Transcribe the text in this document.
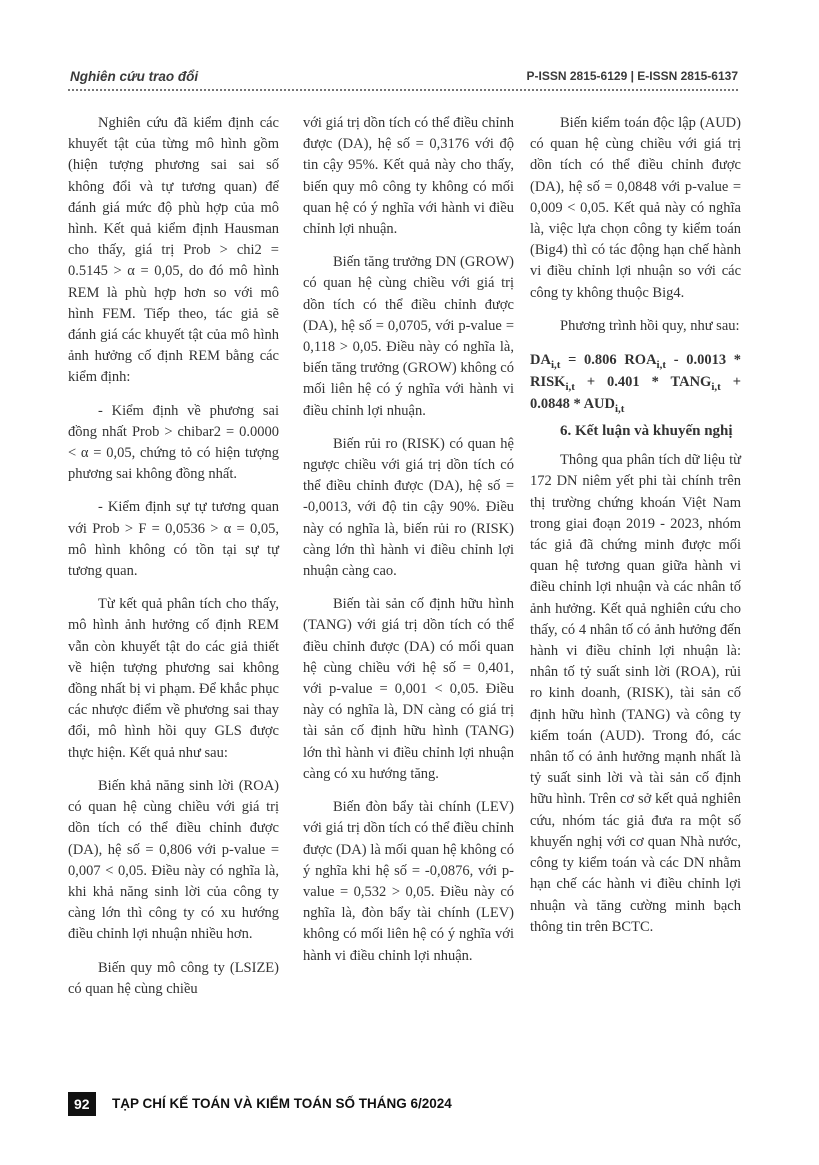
Nghiên cứu trao đổi	P-ISSN 2815-6129 | E-ISSN 2815-6137

Nghiên cứu đã kiểm định các khuyết tật của từng mô hình gồm (hiện tượng phương sai sai số không đổi và tự tương quan) để đánh giá mức độ phù hợp của mô hình. Kết quả kiểm định Hausman cho thấy, giá trị Prob > chi2 = 0.5145 > α = 0,05, do đó mô hình REM là phù hợp hơn so với mô hình FEM. Tiếp theo, tác giả sẽ đánh giá các khuyết tật của mô hình ảnh hưởng cố định REM bằng các kiểm định:

- Kiểm định về phương sai đồng nhất Prob > chibar2 = 0.0000 < α = 0,05, chứng tỏ có hiện tượng phương sai không đồng nhất.

- Kiểm định sự tự tương quan với Prob > F = 0,0536 > α = 0,05, mô hình không có tồn tại sự tự tương quan.

Từ kết quả phân tích cho thấy, mô hình ảnh hưởng cố định REM vẫn còn khuyết tật do các giả thiết về hiện tượng phương sai không đồng nhất bị vi phạm. Để khắc phục các nhược điểm về phương sai thay đổi, mô hình hồi quy GLS được thực hiện. Kết quả như sau:

Biến khả năng sinh lời (ROA) có quan hệ cùng chiều với giá trị dồn tích có thể điều chỉnh được (DA), hệ số = 0,806 với p-value = 0,007 < 0,05. Điều này có nghĩa là, khi khả năng sinh lời của công ty càng lớn thì công ty có xu hướng điều chỉnh lợi nhuận nhiều hơn.

Biến quy mô công ty (LSIZE) có quan hệ cùng chiều

với giá trị dồn tích có thể điều chỉnh được (DA), hệ số = 0,3176 với độ tin cậy 95%. Kết quả này cho thấy, biến quy mô công ty không có mối quan hệ có ý nghĩa với hành vi điều chỉnh lợi nhuận.

Biến tăng trưởng DN (GROW) có quan hệ cùng chiều với giá trị dồn tích có thể điều chỉnh được (DA), hệ số = 0,0705, với p-value = 0,118 > 0,05. Điều này có nghĩa là, biến tăng trưởng (GROW) không có mối liên hệ có ý nghĩa với hành vi điều chỉnh lợi nhuận.

Biến rủi ro (RISK) có quan hệ ngược chiều với giá trị dồn tích có thể điều chỉnh được (DA), hệ số = -0,0013, với độ tin cậy 90%. Điều này có nghĩa là, biến rủi ro (RISK) càng lớn thì hành vi điều chỉnh lợi nhuận càng cao.

Biến tài sản cố định hữu hình (TANG) với giá trị dồn tích có thể điều chỉnh được (DA) có mối quan hệ cùng chiều với hệ số = 0,401, với p-value = 0,001 < 0,05. Điều này có nghĩa là, DN càng có giá trị tài sản cố định hữu hình (TANG) lớn thì hành vi điều chỉnh lợi nhuận càng có xu hướng tăng.

Biến đòn bẩy tài chính (LEV) với giá trị dồn tích có thể điều chỉnh được (DA) là mối quan hệ không có ý nghĩa khi hệ số = -0,0876, với p-value = 0,532 > 0,05. Điều này có nghĩa là, đòn bẩy tài chính (LEV) không có mối liên hệ có ý nghĩa với hành vi điều chỉnh lợi nhuận.

Biến kiểm toán độc lập (AUD) có quan hệ cùng chiều với giá trị dồn tích có thể điều chỉnh được (DA), hệ số = 0,0848 với p-value = 0,009 < 0,05. Kết quả này có nghĩa là, việc lựa chọn công ty kiểm toán (Big4) thì có tác động hạn chế hành vi điều chỉnh lợi nhuận so với các công ty không thuộc Big4.

Phương trình hồi quy, như sau:

$DA_{i,t} = 0.806$ $ROA_{i,t} - 0.0013$ * $RISK_{i,t} + 0.401$ * $TANG_{i,t} + 0.0848 * AUD_{i,t}$
6. Kết luận và khuyến nghị

Thông qua phân tích dữ liệu từ 172 DN niêm yết phi tài chính trên thị trường chứng khoán Việt Nam trong giai đoạn 2019 - 2023, nhóm tác giả đã chứng minh được mối quan hệ tương quan giữa hành vi điều chỉnh lợi nhuận và các nhân tố ảnh hưởng. Kết quả nghiên cứu cho thấy, có 4 nhân tố có ảnh hưởng đến hành vi điều chỉnh lợi nhuận là: nhân tố tỷ suất sinh lời (ROA), rủi ro kinh doanh, (RISK), tài sản cố định hữu hình (TANG) và công ty kiểm toán (AUD). Trong đó, các nhân tố có ảnh hưởng mạnh nhất là tỷ suất sinh lời và tài sản cố định hữu hình. Trên cơ sở kết quả nghiên cứu, nhóm tác giả đưa ra một số khuyến nghị với cơ quan Nhà nước, công ty kiểm toán và các DN nhằm hạn chế các hành vi điều chỉnh lợi nhuận và tăng cường minh bạch thông tin trên BCTC.

92	TẠP CHÍ KẾ TOÁN VÀ KIỂM TOÁN SỐ THÁNG 6/2024
